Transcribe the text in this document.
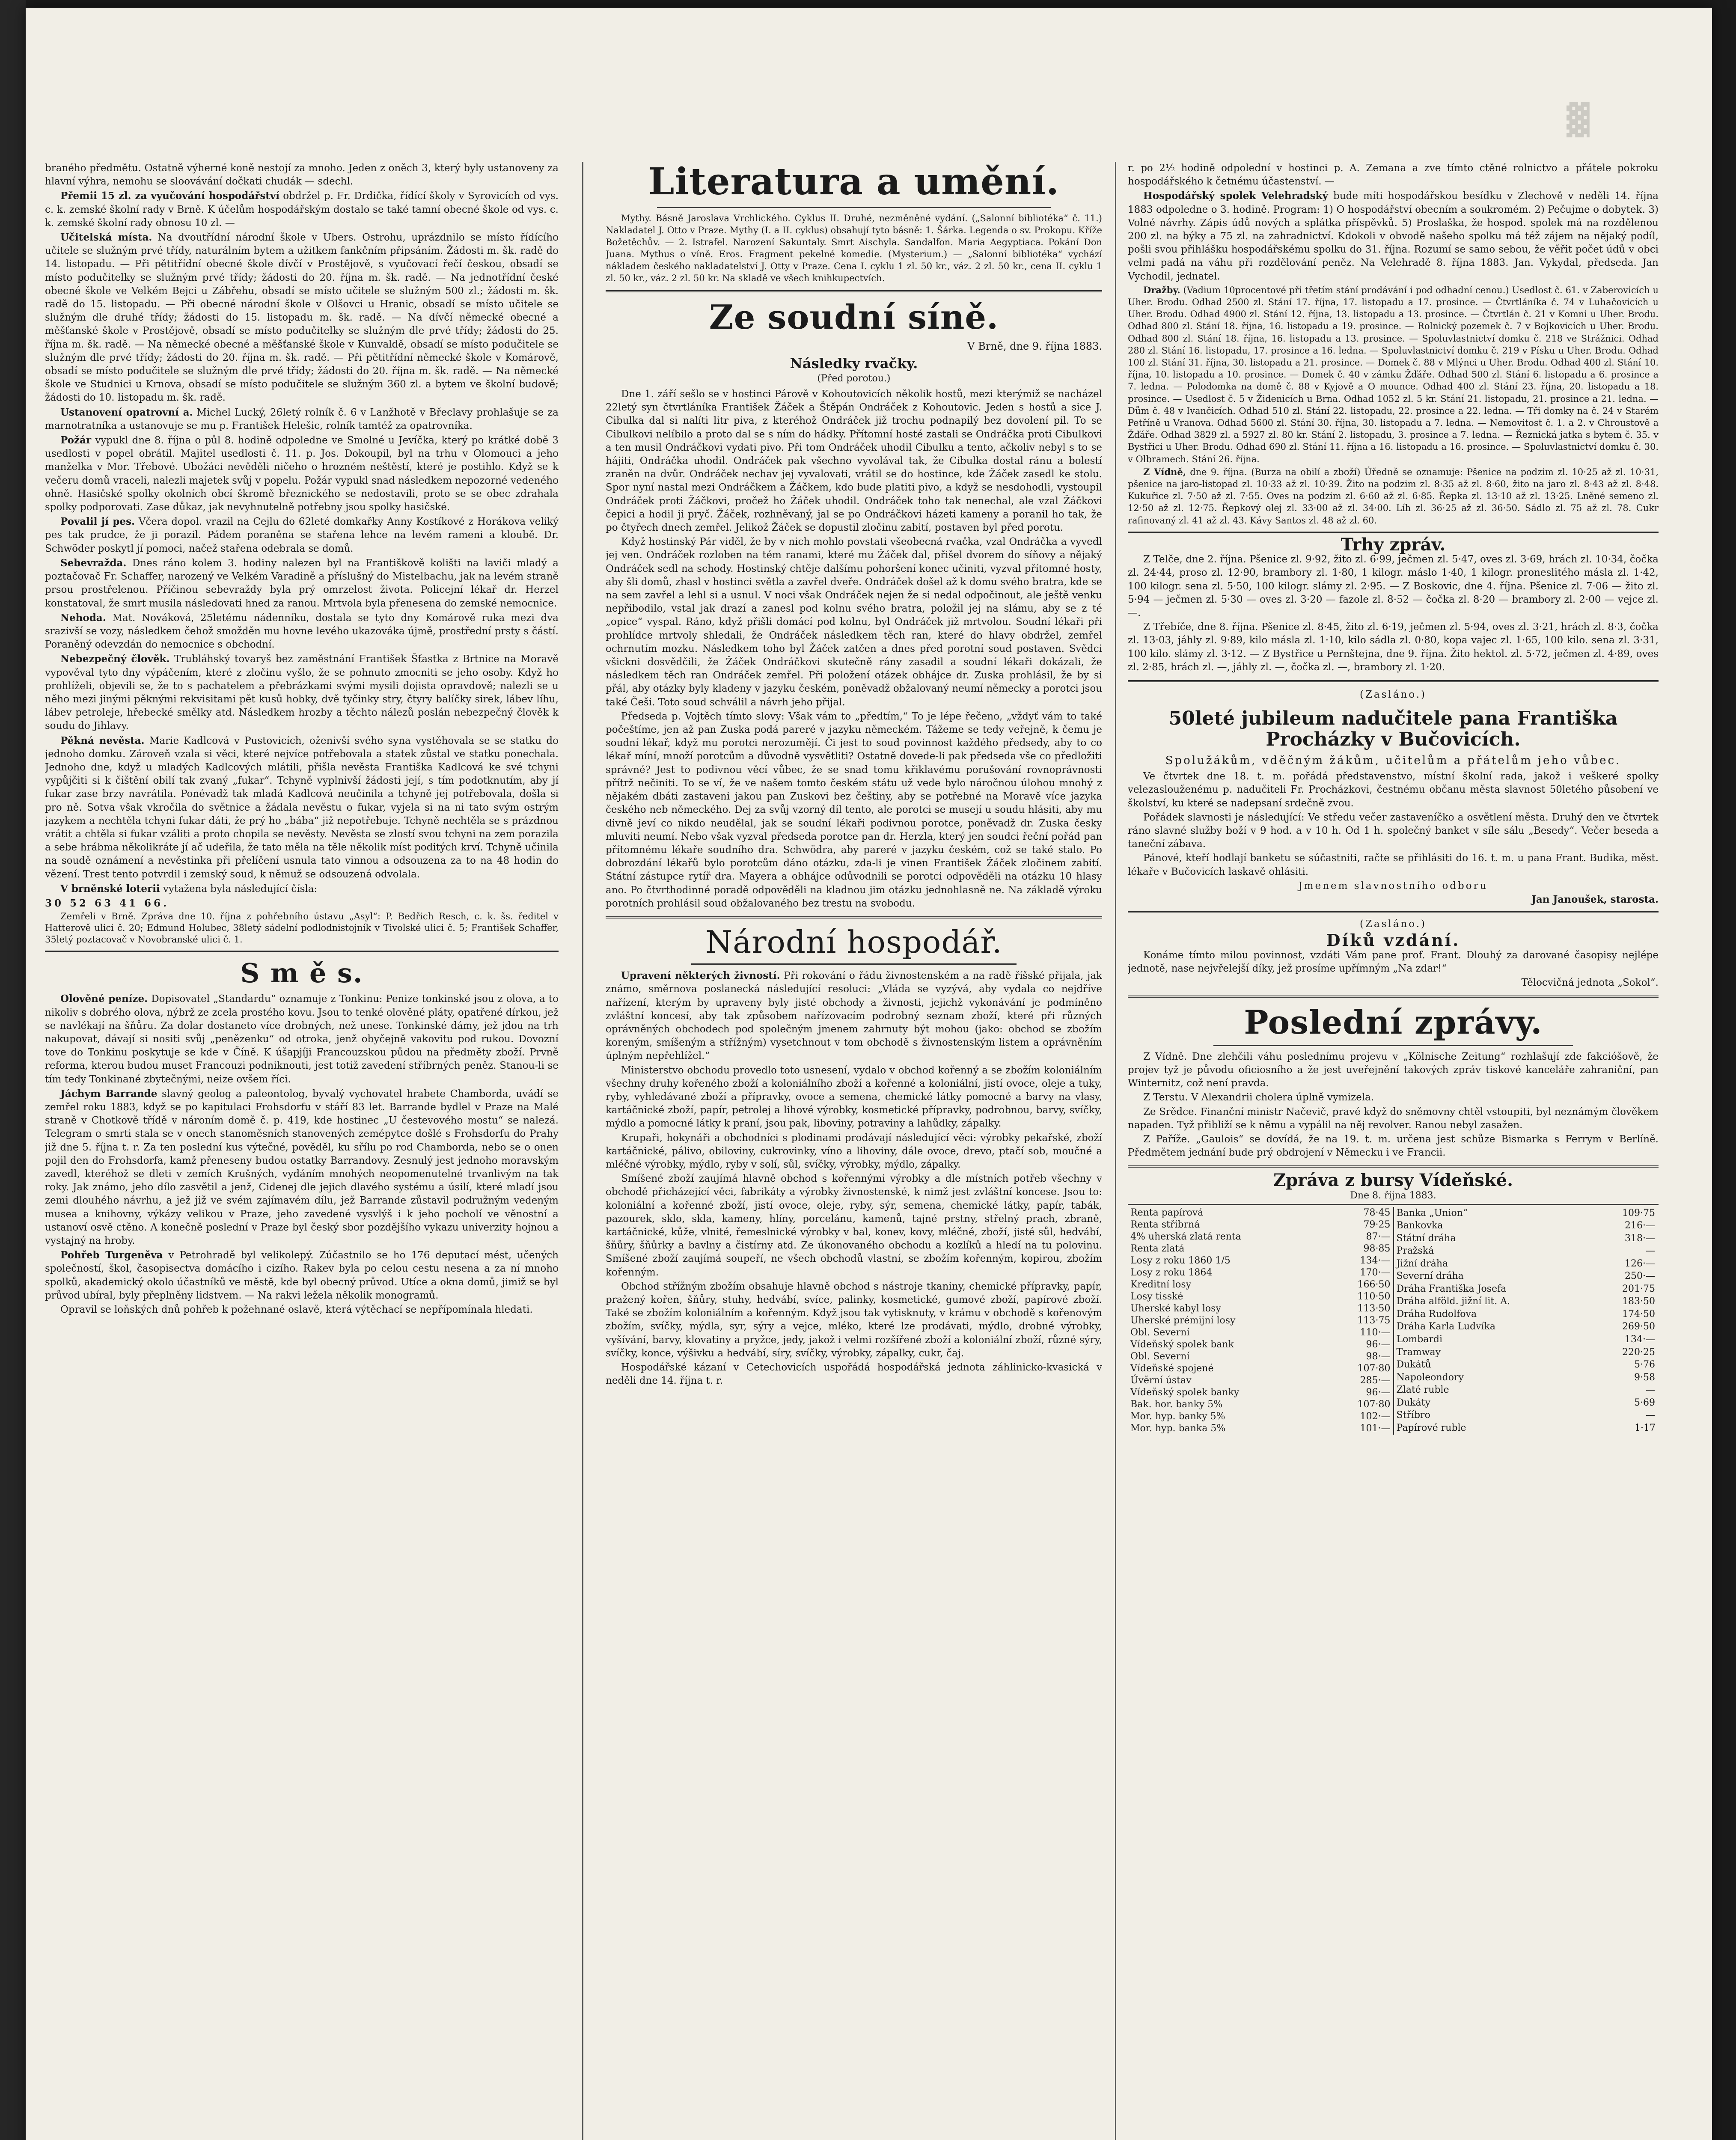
▓

braného předmětu. Ostatně výherné koně nestojí za mnoho. Jeden z oněch 3, který byly ustanoveny za hlavní výhra, nemohu se sloovávání dočkati chudák — sdechl.

Přemii 15 zl. za vyučování hospodářství obdržel p. Fr. Drdička, řídící školy v Syrovicích od vys. c. k. zemské školní rady v Brně. K účelům hospodářským dostalo se také tamní obecné škole od vys. c. k. zemské školní rady obnosu 10 zl. —

Učitelská místa. Na dvoutřídní národní škole v Ubers. Ostrohu, uprázdnilo se místo řídícího učitele se služným prvé třídy, naturálním bytem a užitkem fankčním připsáním. Žádosti m. šk. radě do 14. listopadu. — Při pětitřídní obecné škole dívčí v Prostějově, s vyučovací řečí českou, obsadí se místo podučitelky se služným prvé třídy; žádosti do 20. října m. šk. radě. — Na jednotřídní české obecné škole ve Velkém Bejci u Zábřehu, obsadí se místo učitele se služným 500 zl.; žádosti m. šk. radě do 15. listopadu. — Při obecné národní škole v Olšovci u Hranic, obsadí se místo učitele se služným dle druhé třídy; žádosti do 15. listopadu m. šk. radě. — Na dívčí německé obecné a měšťanské škole v Prostějově, obsadí se místo podučitelky se služným dle prvé třídy; žádosti do 25. října m. šk. radě. — Na německé obecné a měšťanské škole v Kunvaldě, obsadí se místo podučitele se služným dle prvé třídy; žádosti do 20. října m. šk. radě. — Při pětitřídní německé škole v Komárově, obsadí se místo podučitele se služným dle prvé třídy; žádosti do 20. října m. šk. radě. — Na německé škole ve Studnici u Krnova, obsadí se místo podučitele se služným 360 zl. a bytem ve školní budově; žádosti do 10. listopadu m. šk. radě.

Ustanovení opatrovní a. Michel Lucký, 26letý rolník č. 6 v Lanžhotě v Břeclavy prohlašuje se za marnotratníka a ustanovuje se mu p. František Helešic, rolník tamtéž za opatrovníka.

Požár vypukl dne 8. října o půl 8. hodině odpoledne ve Smolné u Jevíčka, který po krátké době 3 usedlosti v popel obrátil. Majitel usedlosti č. 11. p. Jos. Dokoupil, byl na trhu v Olomouci a jeho manželka v Mor. Třebové. Ubožáci nevěděli ničeho o hrozném neštěstí, které je postihlo. Když se k večeru domů vraceli, nalezli majetek svůj v popelu. Požár vypukl snad následkem nepozorné vedeného ohně. Hasičské spolky okolních obcí škromě březnického se nedostavili, proto se se obec zdrahala spolky podporovati. Zase důkaz, jak nevyhnutelně potřebny jsou spolky hasičské.

Povalil jí pes. Včera dopol. vrazil na Cejlu do 62leté domkařky Anny Kostíkové z Horákova veliký pes tak prudce, že ji porazil. Pádem poraněna se stařena lehce na levém rameni a kloubě. Dr. Schwöder poskytl jí pomoci, načež stařena odebrala se domů.

Sebevražda. Dnes ráno kolem 3. hodiny nalezen byl na Františkově kolišti na laviči mladý a poztačovač Fr. Schaffer, narozený ve Velkém Varadině a příslušný do Mistelbachu, jak na levém straně prsou prostřelenou. Příčinou sebevraždy byla prý omrzelost života. Policejní lékař dr. Herzel konstatoval, že smrt musila následovati hned za ranou. Mrtvola byla přenesena do zemské nemocnice.

Nehoda. Mat. Nováková, 25letému nádenníku, dostala se tyto dny Komárově ruka mezi dva srazivší se vozy, následkem čehož smožděn mu hovne levého ukazováka újmě, prostřední prsty s částí. Poraněný odevzdán do nemocnice s obchodní.

Nebezpečný člověk. Trubláhský tovaryš bez zaměstnání František Šťastka z Brtnice na Moravě vypověval tyto dny výpáčením, které z zločinu vyšlo, že se pohnuto zmocniti se jeho osoby. Když ho prohlíželi, objevili se, že to s pachatelem a přebrázkami svými mysili dojista opravdově; nalezli se u něho mezi jinými pěknými rekvisitami pět kusů hobky, dvě tyčinky stry, čtyry balíčky sirek, lábev líhu, lábev petroleje, hřebecké smělky atd. Následkem hrozby a těchto nálezů poslán nebezpečný člověk k soudu do Jihlavy.

Pěkná nevěsta. Marie Kadlcová v Pustovicích, oženivší svého syna vystěhovala se se statku do jednoho domku. Zároveň vzala si věci, které nejvíce potřebovala a statek zůstal ve statku ponechala. Jednoho dne, když u mladých Kadlcových mlátili, přišla nevěsta Františka Kadlcová ke své tchyni vypůjčiti si k čištění obilí tak zvaný „fukar“. Tchyně vyplnivší žádosti její, s tím podotknutím, aby jí fukar zase brzy navrátila. Ponévadž tak mladá Kadlcová neučinila a tchyně jej potřebovala, došla si pro ně. Sotva však vkročila do světnice a žádala nevěstu o fukar, vyjela si na ni tato svým ostrým jazykem a nechtěla tchyni fukar dáti, že prý ho „bába“ již nepotřebuje. Tchyně nechtěla se s prázdnou vrátit a chtěla si fukar vzáliti a proto chopila se nevěsty. Nevěsta se zlostí svou tchyni na zem porazila a sebe hrábma několikráte jí ač udeřila, že tato měla na těle několik míst poditých krví. Tchyně učinila na soudě oznámení a nevěstinka při přelíčení usnula tato vinnou a odsouzena za to na 48 hodin do vězení. Trest tento potvrdil i zemský soud, k němuž se odsouzená odvolala.

V brněnské loterii vytažena byla následující čísla:

30 52 63 41 66.

Zemřeli v Brně. Zpráva dne 10. října z pohřebního ústavu „Asyl“: P. Bedřich Resch, c. k. šs. ředitel v Hatterově ulici č. 20; Edmund Holubec, 38letý sádelní podlodnistojník v Tivolské ulici č. 5; František Schaffer, 35letý poztacovač v Novobranské ulici č. 1.

S m ě s.

Olověné peníze. Dopisovatel „Standardu“ oznamuje z Tonkinu: Penize tonkinské jsou z olova, a to nikoliv s dobrého olova, nýbrž ze zcela prostého kovu. Jsou to tenké olověné pláty, opatřené dírkou, jež se navlékají na šňůru. Za dolar dostaneto více drobných, než unese. Tonkinské dámy, jež jdou na trh nakupovat, dávají si nositi svůj „penězenku“ od otroka, jenž obyčejně vakovitu pod rukou. Dovozní tove do Tonkinu poskytuje se kde v Číně. K úšapjíji Francouzskou půdou na předměty zboží. Prvně reforma, kterou budou muset Francouzi podniknouti, jest totiž zavedení stříbrných peněz. Stanou-li se tím tedy Tonkinané zbytečnými, neize ovšem říci.

Jáchym Barrande slavný geolog a paleontolog, byvalý vychovatel hrabete Chamborda, uvádí se zemřel roku 1883, když se po kapitulaci Frohsdorfu v stáří 83 let. Barrande bydlel v Praze na Malé straně v Chotkově třídě v nároním domě č. p. 419, kde hostinec „U čestevového mostu“ se nalezá. Telegram o smrti stala se v onech stanoměsních stanovených zemépytce došlé s Frohsdorfu do Prahy již dne 5. října t. r. Za ten poslední kus výtečné, pověděl, ku sřílu po rod Chamborda, nebo se o onen pojil den do Frohsdorfa, kamž přeneseny budou ostatky Barrandovy. Zesnulý jest jednoho moravským zavedl, kteréhož se dleti v zemích Krušných, vydáním mnohých neopomenutelné trvanlivým na tak roky. Jak známo, jeho dílo zasvětil a jenž, Cidenej dle jejich dlavého systému a úsilí, které mladí jsou zemi dlouhého návrhu, a jež již ve svém zajímavém dílu, jež Barrande zůstavil podružným vedeným musea a knihovny, výkázy velikou v Praze, jeho zavedené vysvlýš i k jeho pocholí ve věnostní a ustanoví osvě ctěno. A konečně poslední v Praze byl český sbor pozdějšího vykazu univerzity hojnou a vystajný na hroby.

Pohřeb Turgeněva v Petrohradě byl velikolepý. Zúčastnilo se ho 176 deputací mést, učených společností, škol, časopisectva domácího i cizího. Rakev byla po celou cestu nesena a za ní mnoho spolků, akademický okolo účastníků ve městě, kde byl obecný průvod. Utíce a okna domů, jimiž se byl průvod ubíral, byly přeplněny lidstvem. — Na rakvi ležela několik monogramů.

Opravil se loňských dnů pohřeb k požehnané oslavě, která výtěchací se nepřípomínala hledati.

Literatura a umění.

Mythy. Básně Jaroslava Vrchlického. Cyklus II. Druhé, nezměněné vydání. („Salonní bibliotéka“ č. 11.) Nakladatel J. Otto v Praze. Mythy (I. a II. cyklus) obsahují tyto básně: 1. Šárka. Legenda o sv. Prokopu. Kříže Božetěchův. — 2. Istrafel. Narození Sakuntaly. Smrt Aischyla. Sandalfon. Maria Aegyptiaca. Pokání Don Juana. Mythus o víně. Eros. Fragment pekelné komedie. (Mysterium.) — „Salonní bibliotéka“ vychází nákladem českého nakladatelství J. Otty v Praze. Cena I. cyklu 1 zl. 50 kr., váz. 2 zl. 50 kr., cena II. cyklu 1 zl. 50 kr., váz. 2 zl. 50 kr. Na skladě ve všech knihkupectvích.

Ze soudní síně.
V Brně, dne 9. října 1883.
Následky rvačky.
(Před porotou.)

Dne 1. září sešlo se v hostinci Párově v Kohoutovicích několik hostů, mezi kterýmiž se nacházel 22letý syn čtvrtláníka František Žáček a Štěpán Ondráček z Kohoutovic. Jeden s hostů a sice J. Cibulka dal si nalíti litr piva, z kteréhož Ondráček již trochu podnapilý bez dovolení pil. To se Cibulkovi nelíbilo a proto dal se s ním do hádky. Přítomní hosté zastali se Ondráčka proti Cibulkovi a ten musil Ondráčkovi vydati pivo. Při tom Ondráček uhodil Cibulku a tento, ačkoliv nebyl s to se hájiti, Ondráčka uhodil. Ondráček pak všechno vyvolával tak, že Cibulka dostal ránu a bolestí zraněn na dvůr. Ondráček nechav jej vyvalovati, vrátil se do hostince, kde Žáček zasedl ke stolu. Spor nyní nastal mezi Ondráčkem a Žáčkem, kdo bude platiti pivo, a když se nesdohodli, vystoupil Ondráček proti Žáčkovi, pročež ho Žáček uhodil. Ondráček toho tak nenechal, ale vzal Žáčkovi čepici a hodil ji pryč. Žáček, rozhněvaný, jal se po Ondráčkovi házeti kameny a poranil ho tak, že po čtyřech dnech zemřel. Jelikož Žáček se dopustil zločinu zabití, postaven byl před porotu.

Když hostinský Pár viděl, že by v nich mohlo povstati všeobecná rvačka, vzal Ondráčka a vyvedl jej ven. Ondráček rozloben na tém ranami, které mu Žáček dal, přišel dvorem do síňovy a nějaký Ondráček sedl na schody. Hostinský chtěje dalšímu pohoršení konec učiniti, vyzval přítomné hosty, aby šli domů, zhasl v hostinci světla a zavřel dveře. Ondráček došel až k domu svého bratra, kde se na sem zavřel a lehl si a usnul. V noci však Ondráček nejen že si nedal odpočinout, ale ještě venku nepřibodilo, vstal jak drazí a zanesl pod kolnu svého bratra, položil jej na slámu, aby se z té „opice“ vyspal. Ráno, když přišli domácí pod kolnu, byl Ondráček již mrtvolou. Soudní lékaři při prohlídce mrtvoly shledali, že Ondráček následkem těch ran, které do hlavy obdržel, zemřel ochrnutím mozku. Následkem toho byl Žáček zatčen a dnes před porotní soud postaven. Svědci všickni dosvědčili, že Žáček Ondráčkovi skutečně rány zasadil a soudní lékaři dokázali, že následkem těch ran Ondráček zemřel. Při položení otázek obhájce dr. Zuska prohlásil, že by si přál, aby otázky byly kladeny v jazyku českém, poněvadž obžalovaný neumí německy a porotci jsou také Češi. Toto soud schválil a návrh jeho přijal.

Předseda p. Vojtěch tímto slovy: Však vám to „předtím,“ To je lépe řečeno, „vždyť vám to také počeštíme, jen až pan Zuska podá pareré v jazyku německém. Tážeme se tedy veřejně, k čemu je soudní lékař, když mu porotci nerozumějí. Či jest to soud povinnost každého předsedy, aby to co lékař míní, množí porotcům a důvodně vysvětliti? Ostatně dovede-li pak předseda vše co předložiti správné? Jest to podivnou věcí vůbec, že se snad tomu křiklavému porušování rovnoprávnosti přítrž nečiniti. To se ví, že ve našem tomto českém státu už vede bylo náročnou úlohou mnohý z nějakém dbáti zastaveni jakou pan Zuskovi bez češtiny, aby se potřebné na Moravě více jazyka českého neb německého. Dej za svůj vzorný díl tento, ale porotci se musejí u soudu hlásiti, aby mu divně jeví co nikdo neudělal, jak se soudní lékaři podivnou porotce, poněvadž dr. Zuska česky mluviti neumí. Nebo však vyzval předseda porotce pan dr. Herzla, který jen soudci řeční pořád pan přítomnému lékaře soudního dra. Schwödra, aby pareré v jazyku českém, což se také stalo. Po dobrozdání lékařů bylo porotcům dáno otázku, zda-li je vinen František Žáček zločinem zabití. Státní zástupce rytíř dra. Mayera a obhájce odůvodnili se porotci odpověděli na otázku 10 hlasy ano. Po čtvrthodinné poradě odpověděli na kladnou jim otázku jednohlasně ne. Na základě výroku porotních prohlásil soud obžalovaného bez trestu na svobodu.

Národní hospodář.

Upravení některých živností. Při rokování o řádu živnostenském a na radě říšské přijala, jak známo, směrnova poslanecká následující resoluci: „Vláda se vyzývá, aby vydala co nejdříve nařízení, kterým by upraveny byly jisté obchody a živnosti, jejichž vykonávání je podmíněno zvláštní koncesí, aby tak způsobem nařízovacím podrobný seznam zboží, které při různých oprávněných obchodech pod společným jmenem zahrnuty být mohou (jako: obchod se zbožím koreným, smíšeným a střížným) vysetchnout v tom obchodě s živnostenským listem a oprávněním úplným nepřehlížel.“

Ministerstvo obchodu provedlo toto usnesení, vydalo v obchod kořenný a se zbožím koloniálním všechny druhy kořeného zboží a koloniálního zboží a kořenné a koloniální, jistí ovoce, oleje a tuky, ryby, vyhledávané zboží a přípravky, ovoce a semena, chemické látky pomocné a barvy na vlasy, kartáčnické zboží, papír, petrolej a lihové výrobky, kosmetické přípravky, podrobnou, barvy, svíčky, mýdlo a pomocné látky k praní, jsou pak, liboviny, potraviny a lahůdky, zápalky.

Krupaři, hokynáři a obchodníci s plodinami prodávají následující věci: výrobky pekařské, zboží kartáčnické, pálivo, obiloviny, cukrovinky, víno a lihoviny, dále ovoce, drevo, ptačí sob, moučné a mléčné výrobky, mýdlo, ryby v solí, sůl, svíčky, výrobky, mýdlo, zápalky.

Smíšené zboží zaujímá hlavně obchod s kořennými výrobky a dle místních potřeb všechny v obchodě přicházející věci, fabrikáty a výrobky živnostenské, k nimž jest zvláštní koncese. Jsou to: koloniální a kořenné zboží, jistí ovoce, oleje, ryby, sýr, semena, chemické látky, papír, tabák, pazourek, sklo, skla, kameny, hlíny, porcelánu, kamenů, tajné prstny, střelný prach, zbraně, kartáčnické, kůže, vlnité, řemeslnické výrobky v bal, konev, kovy, mléčné, zboží, jisté sůl, hedvábí, šňůry, šňůrky a bavlny a čistírny atd. Ze úkonovaného obchodu a kozlíků a hledí na tu polovinu. Smíšené zboží zaujímá soupeří, ne všech obchodů vlastní, se zbožím kořenným, kopirou, zbožím kořenným.

Obchod střížným zbožím obsahuje hlavně obchod s nástroje tkaniny, chemické přípravky, papír, pražený kořen, šňůry, stuhy, hedvábí, svíce, palinky, kosmetické, gumové zboží, papírové zboží. Také se zbožím koloniálním a kořenným. Když jsou tak vytisknuty, v krámu v obchodě s kořenovým zbožím, svíčky, mýdla, syr, sýry a vejce, mléko, které lze prodávati, mýdlo, drobné výrobky, vyšívání, barvy, klovatiny a pryžce, jedy, jakož i velmi rozšířené zboží a koloniální zboží, různé sýry, svíčky, konce, výšivku a hedvábí, síry, svíčky, výrobky, zápalky, cukr, čaj.

Hospodářské kázaní v Cetechovicích uspořádá hospodářská jednota záhlinicko-kvasická v neděli dne 14. října t. r.

r. po 2½ hodině odpolední v hostinci p. A. Zemana a zve tímto ctěné rolnictvo a přátele pokroku hospodářského k četnému účastenství. —

Hospodářský spolek Velehradský bude míti hospodářskou besídku v Zlechově v neděli 14. října 1883 odpoledne o 3. hodině. Program: 1) O hospodářství obecním a soukromém. 2) Pečujme o dobytek. 3) Volné návrhy. Zápis údů nových a splátka příspěvků. 5) Proslaška, že hospod. spolek má na rozdělenou 200 zl. na býky a 75 zl. na zahradnictví. Kdokoli v obvodě našeho spolku má též zájem na nějaký podíl, pošli svou přihlášku hospodářskému spolku do 31. října. Rozumí se samo sebou, že věřit počet údů v obci velmi padá na váhu při rozdělování peněz. Na Velehradě 8. října 1883. Jan. Vykydal, předseda. Jan Vychodil, jednatel.

Dražby. (Vadium 10procentové při třetím stání prodávání i pod odhadní cenou.) Usedlost č. 61. v Zaberovicích u Uher. Brodu. Odhad 2500 zl. Stání 17. října, 17. listopadu a 17. prosince. — Čtvrtláníka č. 74 v Luhačovicích u Uher. Brodu. Odhad 4900 zl. Stání 12. října, 13. listopadu a 13. prosince. — Čtvrtlán č. 21 v Komni u Uher. Brodu. Odhad 800 zl. Stání 18. října, 16. listopadu a 19. prosince. — Rolnický pozemek č. 7 v Bojkovicích u Uher. Brodu. Odhad 800 zl. Stání 18. října, 16. listopadu a 13. prosince. — Spoluvlastnictví domku č. 218 ve Strážnici. Odhad 280 zl. Stání 16. listopadu, 17. prosince a 16. ledna. — Spoluvlastnictví domku č. 219 v Písku u Uher. Brodu. Odhad 100 zl. Stání 31. října, 30. listopadu a 21. prosince. — Domek č. 88 v Mlýnci u Uher. Brodu. Odhad 400 zl. Stání 10. října, 10. listopadu a 10. prosince. — Domek č. 40 v zámku Žďáře. Odhad 500 zl. Stání 6. listopadu a 6. prosince a 7. ledna. — Polodomka na domě č. 88 v Kyjově a O mounce. Odhad 400 zl. Stání 23. října, 20. listopadu a 18. prosince. — Usedlost č. 5 v Židenicích u Brna. Odhad 1052 zl. 5 kr. Stání 21. listopadu, 21. prosince a 21. ledna. — Dům č. 48 v Ivančicích. Odhad 510 zl. Stání 22. listopadu, 22. prosince a 22. ledna. — Tři domky na č. 24 v Starém Petříně u Vranova. Odhad 5600 zl. Stání 30. října, 30. listopadu a 7. ledna. — Nemovitost č. 1. a 2. v Chroustově a Žďáře. Odhad 3829 zl. a 5927 zl. 80 kr. Stání 2. listopadu, 3. prosince a 7. ledna. — Řeznická jatka s bytem č. 35. v Bystřici u Uher. Brodu. Odhad 690 zl. Stání 11. října a 16. listopadu a 16. prosince. — Spoluvlastnictví domku č. 30. v Olbramech. Stání 26. října.

Z Vídně, dne 9. října. (Burza na obilí a zboží) Úředně se oznamuje: Pšenice na podzim zl. 10·25 až zl. 10·31, pšenice na jaro-listopad zl. 10·33 až zl. 10·39. Žito na podzim zl. 8·35 až zl. 8·60, žito na jaro zl. 8·43 až zl. 8·48. Kukuřice zl. 7·50 až zl. 7·55. Oves na podzim zl. 6·60 až zl. 6·85. Řepka zl. 13·10 až zl. 13·25. Lněné semeno zl. 12·50 až zl. 12·75. Řepkový olej zl. 33·00 až zl. 34·00. Líh zl. 36·25 až zl. 36·50. Sádlo zl. 75 až zl. 78. Cukr rafinovaný zl. 41 až zl. 43. Kávy Santos zl. 48 až zl. 60.

Trhy zpráv.

Z Telče, dne 2. října. Pšenice zl. 9·92, žito zl. 6·99, ječmen zl. 5·47, oves zl. 3·69, hrách zl. 10·34, čočka zl. 24·44, proso zl. 12·90, brambory zl. 1·80, 1 kilogr. máslo 1·40, 1 kilogr. proneslitého másla zl. 1·42, 100 kilogr. sena zl. 5·50, 100 kilogr. slámy zl. 2·95. — Z Boskovic, dne 4. října. Pšenice zl. 7·06 — žito zl. 5·94 — ječmen zl. 5·30 — oves zl. 3·20 — fazole zl. 8·52 — čočka zl. 8·20 — brambory zl. 2·00 — vejce zl. —.

Z Třebíče, dne 8. října. Pšenice zl. 8·45, žito zl. 6·19, ječmen zl. 5·94, oves zl. 3·21, hrách zl. 8·3, čočka zl. 13·03, jáhly zl. 9·89, kilo másla zl. 1·10, kilo sádla zl. 0·80, kopa vajec zl. 1·65, 100 kilo. sena zl. 3·31, 100 kilo. slámy zl. 3·12. — Z Bystřice u Pernštejna, dne 9. října. Žito hektol. zl. 5·72, ječmen zl. 4·89, oves zl. 2·85, hrách zl. —, jáhly zl. —, čočka zl. —, brambory zl. 1·20.

(Zasláno.)
50leté jubileum nadučitele pana Františka Procházky v Bučovicích.
Spolužákům, vděčným žákům, učitelům a přátelům jeho vůbec.

Ve čtvrtek dne 18. t. m. pořádá představenstvo, místní školní rada, jakož i veškeré spolky velezaslouženému p. nadučiteli Fr. Procházkovi, čestnému občanu města slavnost 50letého působení ve školství, ku které se nadepsaní srdečně zvou.

Pořádek slavnosti je následující: Ve středu večer zastaveníčko a osvětlení města. Druhý den ve čtvrtek ráno slavné služby boží v 9 hod. a v 10 h. Od 1 h. společný banket v síle sálu „Besedy“. Večer beseda a taneční zábava.

Pánové, kteří hodlají banketu se súčastniti, račte se přihlásiti do 16. t. m. u pana Frant. Budika, měst. lékaře v Bučovicích laskavě ohlásiti.

Jmenem slavnostního odboru
Jan Janoušek, starosta.
(Zasláno.)
Díků vzdání.

Konáme tímto milou povinnost, vzdáti Vám pane prof. Frant. Dlouhý za darované časopisy nejlépe jednotě, nase nejvřelejší díky, jež prosíme upřímným „Na zdar!“

Tělocvičná jednota „Sokol“.
Poslední zprávy.

Z Vídně. Dne zlehčili váhu poslednímu projevu v „Kölnische Zeitung“ rozhlašují zde fakcióšově, že projev tyž je původu oficiosního a že jest uveřejnění takových zpráv tiskové kanceláře zahraniční, pan Winternitz, což není pravda.

Z Terstu. V Alexandrii cholera úplně vymizela.

Ze Srědce. Finanční ministr Načevič, pravé když do sněmovny chtěl vstoupiti, byl neznámým člověkem napaden. Tyž přibliží se k němu a vypálil na něj revolver. Ranou nebyl zasažen.

Z Paříže. „Gaulois“ se dovídá, že na 19. t. m. určena jest schůze Bismarka s Ferrym v Berlíně. Předmětem jednání bude prý obdrojení v Německu i ve Francii.

Zpráva z bursy Vídeňské.
Dne 8. října 1883.
Renta papírová	78·45
Renta stříbrná	79·25
4% uherská zlatá renta	87·—
Renta zlatá	98·85
Losy z roku 1860 1/5	134·—
Losy z roku 1864	170·—
Kreditní losy	166·50
Losy tisské	110·50
Uherské kabyl losy	113·50
Uherské prémijní losy	113·75
Obl. Severní	110·—
Vídeňský spolek bank	96·—
Obl. Severní	98·—
Vídeňské spojené	107·80
Úvěrní ústav	285·—
Vídeňský spolek banky	96·—
Bak. hor. banky 5%	107·80
Mor. hyp. banky 5%	102·—
Mor. hyp. banka 5%	101·—
Banka „Union“	109·75
Bankovka	216·—
Státní dráha	318·—
Pražská	—
Jižní dráha	126·—
Severní dráha	250·—
Dráha Františka Josefa	201·75
Dráha alföld. jižní lit. A.	183·50
Dráha Rudolfova	174·50
Dráha Karla Ludvíka	269·50
Lombardi	134·—
Tramway	220·25
Dukátů	5·76
Napoleondory	9·58
Zlaté ruble	—
Dukáty	5·69
Stříbro	—
Papírové ruble	1·17
